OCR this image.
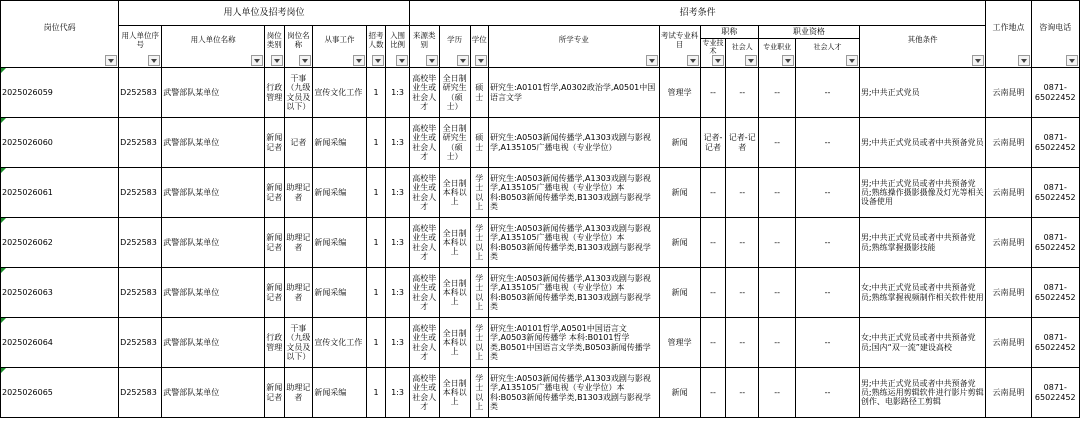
岗位代码	用人单位及招考岗位							招考条件										工作地点	咨询电话

	用人单位序号	用人单位名称	岗位类别	岗位名称	从事工作	招考人数	入围比例	来源类别	学历	学位	所学专业	考试专业科目	职称		职业资格		其他条件		

													专业技术	社会人	专业职业	社会人才			

2025026059	D252583	武警部队某单位	行政管理	干事（九级文员及以下）	宣传文化工作	1	1:3	高校毕业生或社会人才	全日制研究生（硕士）	硕士	研究生:A0101哲学,A0302政治学,A0501中国语言文学	管理学	--	--	--	--	男;中共正式党员	云南昆明	0871-65022452
2025026060	D252583	武警部队某单位	新闻记者	记者	新闻采编	1	1:3	高校毕业生或社会人才	全日制研究生（硕士）	硕士	研究生:A0503新闻传播学,A1303戏剧与影视学,A135105广播电视（专业学位）	新闻	记者-记者	记者-记者	--	--	男;中共正式党员或者中共预备党员	云南昆明	0871-65022452
2025026061	D252583	武警部队某单位	新闻记者	助理记者	新闻采编	1	1:3	高校毕业生或社会人才	全日制本科以上	学士以上	研究生:A0503新闻传播学,A1303戏剧与影视学,A135105广播电视（专业学位）本科:B0503新闻传播学类,B1303戏剧与影视学类	新闻	--	--	--	--	男;中共正式党员或者中共预备党员;熟练操作摄影摄像及灯光等相关设备使用	云南昆明	0871-65022452
2025026062	D252583	武警部队某单位	新闻记者	助理记者	新闻采编	1	1:3	高校毕业生或社会人才	全日制本科以上	学士以上	研究生:A0503新闻传播学,A1303戏剧与影视学,A135105广播电视（专业学位）本科:B0503新闻传播学类,B1303戏剧与影视学类	新闻	--	--	--	--	男;中共正式党员或者中共预备党员;熟练掌握摄影技能	云南昆明	0871-65022452
2025026063	D252583	武警部队某单位	新闻记者	助理记者	新闻采编	1	1:3	高校毕业生或社会人才	全日制本科以上	学士以上	研究生:A0503新闻传播学,A1303戏剧与影视学,A135105广播电视（专业学位）本科:B0503新闻传播学类,B1303戏剧与影视学类	新闻	--	--	--	--	女;中共正式党员或者中共预备党员;熟练掌握视频制作相关软件使用	云南昆明	0871-65022452
2025026064	D252583	武警部队某单位	行政管理	干事（九级文员及以下）	宣传文化工作	1	1:3	高校毕业生或社会人才	全日制本科以上	学士以上	研究生:A0101哲学,A0501中国语言文学,A0503新闻传播学 本科:B0101哲学类,B0501中国语言文学类,B0503新闻传播学类	管理学	--	--	--	--	女;中共正式党员或者中共预备党员;国内“双一流”建设高校	云南昆明	0871-65022452
2025026065	D252583	武警部队某单位	新闻记者	助理记者	新闻采编	1	1:3	高校毕业生或社会人才	全日制本科以上	学士以上	研究生:A0503新闻传播学,A1303戏剧与影视学,A135105广播电视（专业学位）本科:B0503新闻传播学类,B1303戏剧与影视学类	新闻	--	--	--	--	男;中共正式党员或者中共预备党员;熟练运用剪辑软件进行影片剪辑创作、电影路径工剪辑	云南昆明	0871-65022452
